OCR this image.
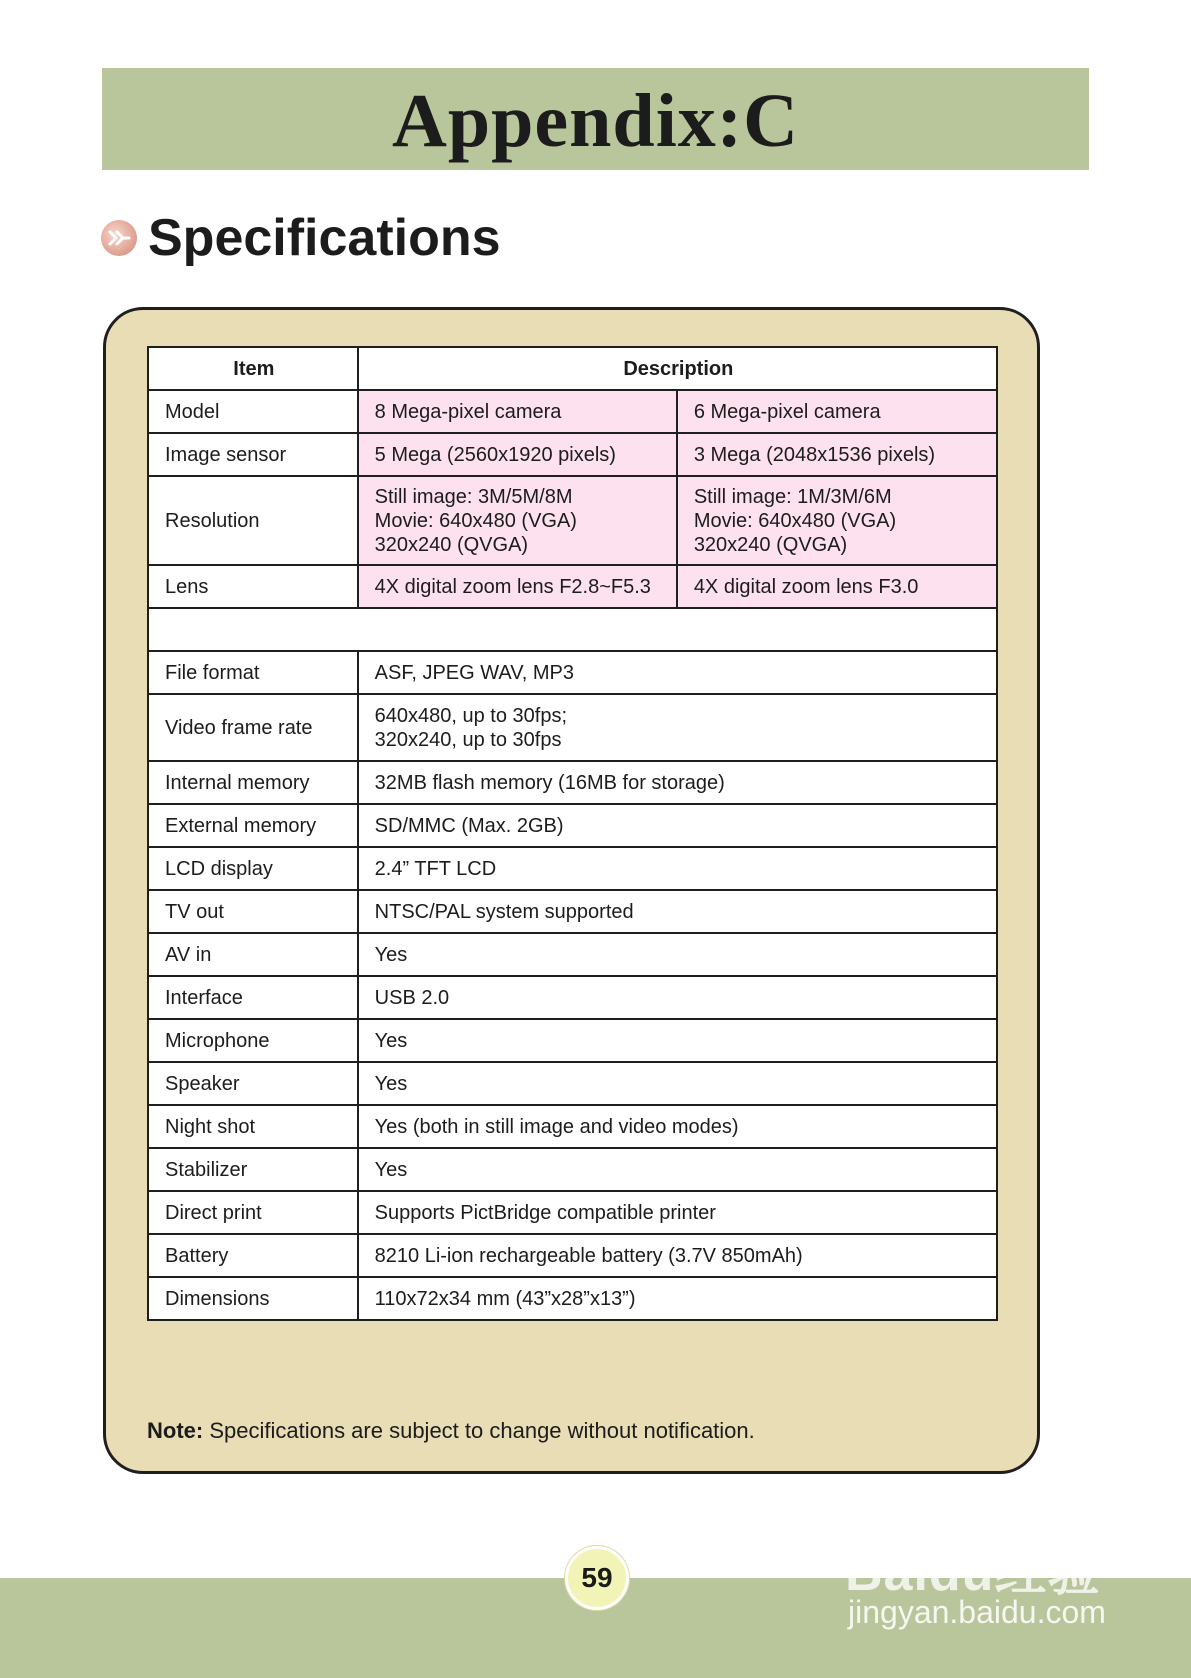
Appendix:C
Specifications
Item	Description	
Model	8 Mega-pixel camera	6 Mega-pixel camera

Image sensor	5 Mega (2560x1920 pixels)	3 Mega (2048x1536 pixels)

Resolution	Still image: 3M/5M/8M
Movie: 640x480 (VGA)
320x240 (QVGA)	Still image: 1M/3M/6M
Movie: 640x480 (VGA)
320x240 (QVGA)

Lens	4X digital zoom lens F2.8~F5.3	4X digital zoom lens F3.0

File format	ASF, JPEG WAV, MP3	

Video frame rate	640x480, up to 30fps;
320x240, up to 30fps	

Internal memory	32MB flash memory (16MB for storage)	

External memory	SD/MMC (Max. 2GB)	

LCD display	2.4” TFT LCD	

TV out	NTSC/PAL system supported	

AV in	Yes	

Interface	USB 2.0	

Microphone	Yes	

Speaker	Yes	

Night shot	Yes (both in still image and video modes)	

Stabilizer	Yes	

Direct print	Supports PictBridge compatible printer	

Battery	8210 Li-ion rechargeable battery (3.7V 850mAh)	

Dimensions	110x72x34 mm (43”x28”x13”)	
Note: Specifications are subject to change without notification.
59	Baidu经验
jingyan.baidu.com
